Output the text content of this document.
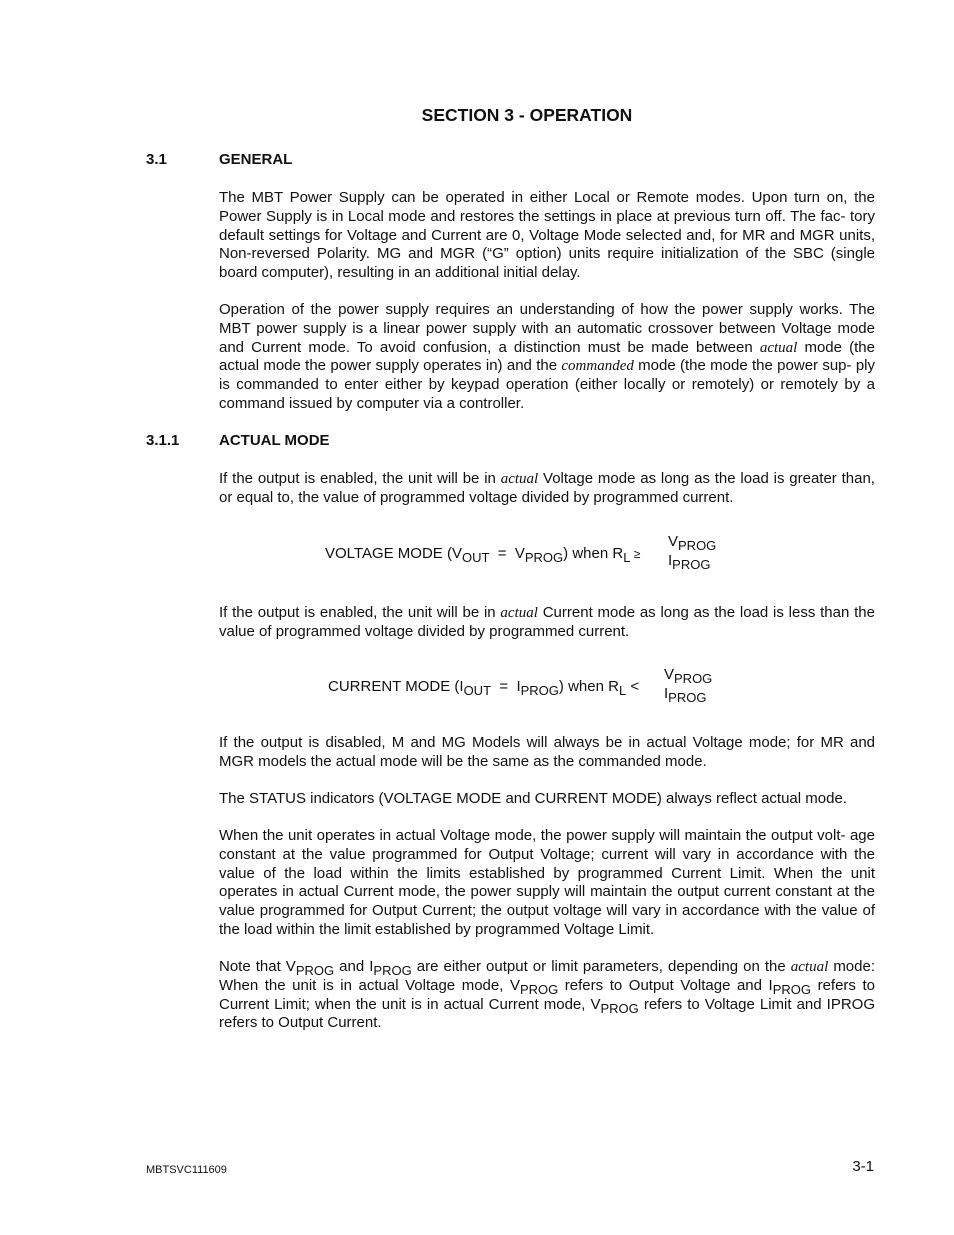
SECTION 3 - OPERATION
3.1	GENERAL

The MBT Power Supply can be operated in either Local or Remote modes. Upon turn on, the Power Supply is in Local mode and restores the settings in place at previous turn off. The fac- tory default settings for Voltage and Current are 0, Voltage Mode selected and, for MR and MGR units, Non-reversed Polarity. MG and MGR (“G” option) units require initialization of the SBC (single board computer), resulting in an additional initial delay.

Operation of the power supply requires an understanding of how the power supply works. The MBT power supply is a linear power supply with an automatic crossover between Voltage mode and Current mode. To avoid confusion, a distinction must be made between actual mode (the actual mode the power supply operates in) and the commanded mode (the mode the power sup- ply is commanded to enter either by keypad operation (either locally or remotely) or remotely by a command issued by computer via a controller.

3.1.1	ACTUAL MODE

If the output is enabled, the unit will be in actual Voltage mode as long as the load is greater than, or equal to, the value of programmed voltage divided by programmed current.

VOLTAGE MODE $(V_{OUT} = V_{PROG})$ when $R_L$ ≥
$V_{PROG}$
$I_{PROG}$

If the output is enabled, the unit will be in actual Current mode as long as the load is less than the value of programmed voltage divided by programmed current.

CURRENT MODE $(I_{OUT} = I_{PROG})$ when $R_L$ <
$V_{PROG}$
$I_{PROG}$

If the output is disabled, M and MG Models will always be in actual Voltage mode; for MR and MGR models the actual mode will be the same as the commanded mode.

The STATUS indicators (VOLTAGE MODE and CURRENT MODE) always reflect actual mode.

When the unit operates in actual Voltage mode, the power supply will maintain the output volt- age constant at the value programmed for Output Voltage; current will vary in accordance with the value of the load within the limits established by programmed Current Limit. When the unit operates in actual Current mode, the power supply will maintain the output current constant at the value programmed for Output Current; the output voltage will vary in accordance with the value of the load within the limit established by programmed Voltage Limit.

Note that $V_{PROG}$ and $I_{PROG}$ are either output or limit parameters, depending on the actual mode: When the unit is in actual Voltage mode, $V_{PROG}$ refers to Output Voltage and $I_{PROG}$ refers to Current Limit; when the unit is in actual Current mode, $V_{PROG}$ refers to Voltage Limit and IPROG refers to Output Current.

MBTSVC111609	3-1
